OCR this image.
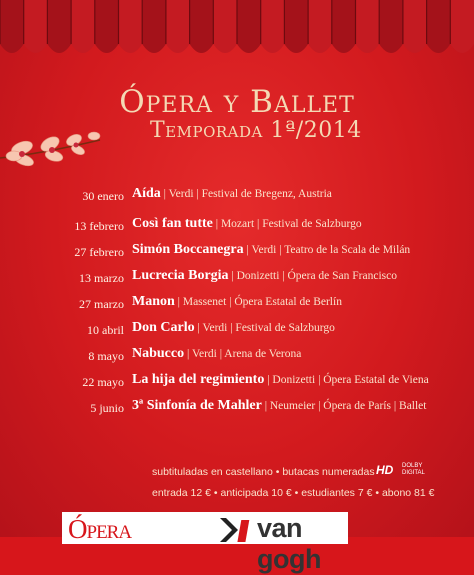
Ópera y Ballet
Temporada 1ª/2014
30 enero Aída | Verdi | Festival de Bregenz, Austria
13 febrero Così fan tutte | Mozart | Festival de Salzburgo
27 febrero Simón Boccanegra | Verdi | Teatro de la Scala de Milán
13 marzo Lucrecia Borgia | Donizetti | Ópera de San Francisco
27 marzo Manon | Massenet | Ópera Estatal de Berlín
10 abril Don Carlo | Verdi | Festival de Salzburgo
8 mayo Nabucco | Verdi | Arena de Verona
22 mayo La hija del regimiento | Donizetti | Ópera Estatal de Viena
5 junio 3ª Sinfonía de Mahler | Neumeier | Ópera de París | Ballet
subtituladas en castellano • butacas numeradas HD DOLBY DIGITAL
entrada 12 € • anticipada 10 € • estudiantes 7 € • abono 81 €
Ópera	van gogh
